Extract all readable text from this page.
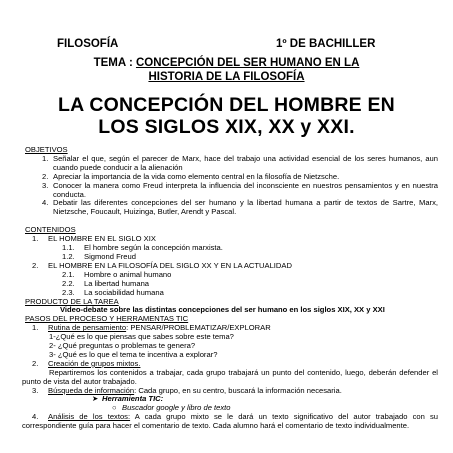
FILOSOFÍA	1º DE BACHILLER
TEMA : CONCEPCIÓN DEL SER HUMANO EN LA
HISTORIA DE LA FILOSOFÍA
LA CONCEPCIÓN DEL HOMBRE EN
LOS SIGLOS XIX, XX y XXI.
OBJETIVOS
1. Señalar el que, según el parecer de Marx, hace del trabajo una actividad esencial de los seres humanos, aun cuando puede conducir a la alienación
2. Apreciar la importancia de la vida como elemento central en la filosofía de Nietzsche.
3. Conocer la manera como Freud interpreta la influencia del inconsciente en nuestros pensamientos y en nuestra conducta.
4. Debatir las diferentes concepciones del ser humano y la libertad humana a partir de textos de Sartre, Marx, Nietzsche, Foucault, Huizinga, Butler, Arendt y Pascal.
CONTENIDOS
1.	EL HOMBRE EN EL SIGLO XIX
1.1.	El hombre según la concepción marxista.
1.2.	Sigmond Freud
2.	EL HOMBRE EN LA FILOSOFÍA DEL SIGLO XX Y EN LA ACTUALIDAD
2.1.	Hombre o animal humano
2.2.	La libertad humana
2.3.	La sociabilidad humana
PRODUCTO DE LA TAREA
Video-debate sobre las distintas concepciones del ser humano en los siglos XIX, XX y XXI
PASOS DEL PROCESO Y HERRAMENTAS TIC
1.	Rutina de pensamiento: PENSAR/PROBLEMATIZAR/EXPLORAR
1-¿Qué es lo que piensas que sabes sobre este tema?
2- ¿Qué preguntas o problemas te genera?
3- ¿Qué es lo que el tema te incentiva a explorar?
2.	Creación de grupos mixtos.
Repartiremos los contenidos a trabajar, cada grupo trabajará un punto del contenido, luego, deberán defender el punto de vista del autor trabajado.
3.	Búsqueda de información: Cada grupo, en su centro, buscará la información necesaria.
➤ Herramienta TIC:
○ Buscador google y libro de texto
4. Análisis de los textos: A cada grupo mixto se le dará un texto significativo del autor trabajado con su correspondiente guía para hacer el comentario de texto. Cada alumno hará el comentario de texto individualmente.
